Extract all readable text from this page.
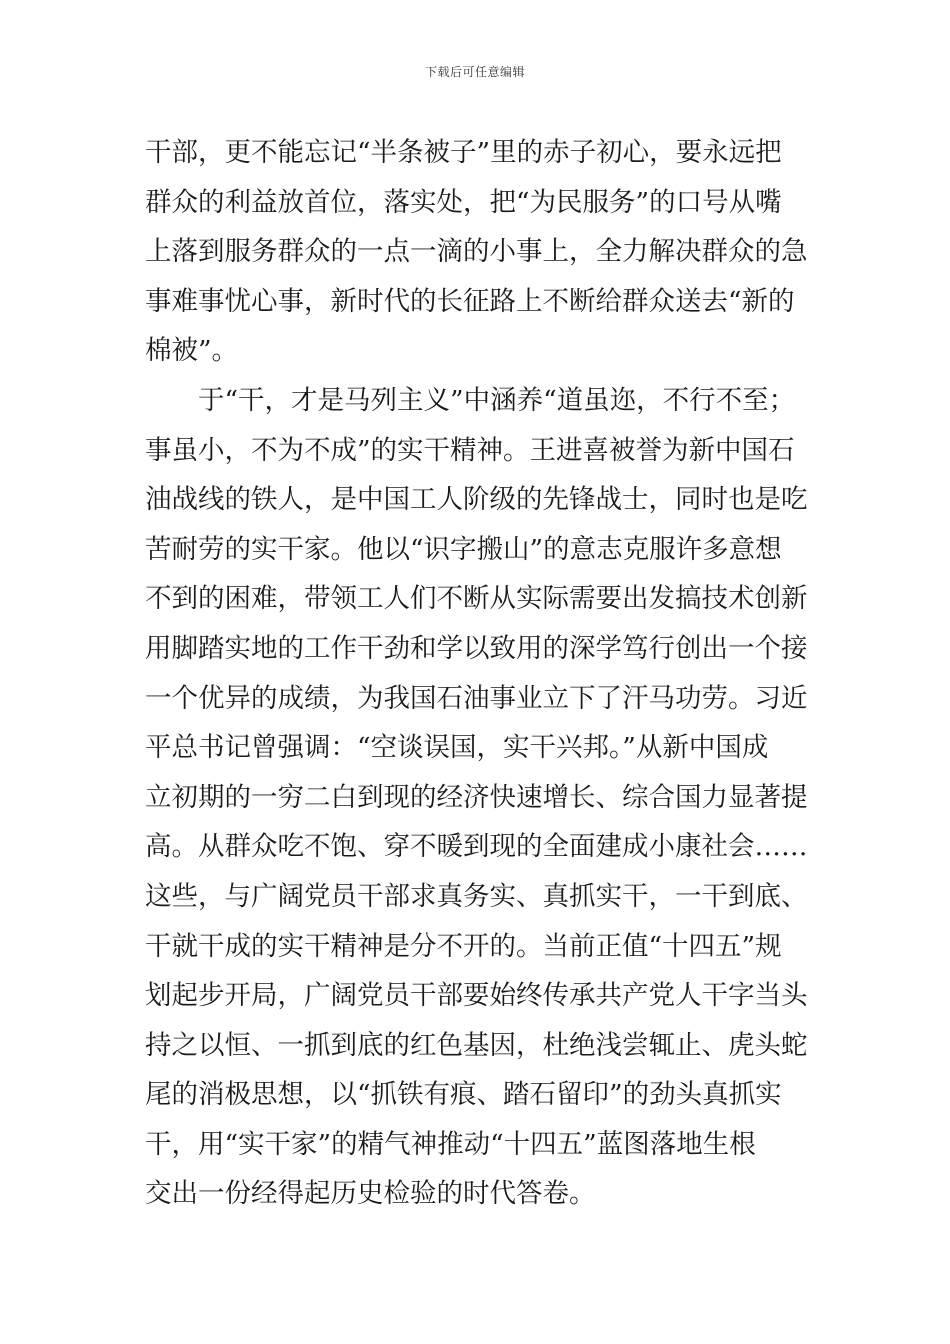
下载后可任意编辑
干部，更不能忘记“半条被子”里的赤子初心，要永远把
群众的利益放首位，落实处，把“为民服务”的口号从嘴
上落到服务群众的一点一滴的小事上，全力解决群众的急
事难事忧心事，新时代的长征路上不断给群众送去“新的
棉被”。
于“干，才是马列主义”中涵养“道虽迩，不行不至；
事虽小，不为不成”的实干精神。王进喜被誉为新中国石
油战线的铁人，是中国工人阶级的先锋战士，同时也是吃
苦耐劳的实干家。他以“识字搬山”的意志克服许多意想
不到的困难，带领工人们不断从实际需要出发搞技术创新
用脚踏实地的工作干劲和学以致用的深学笃行创出一个接
一个优异的成绩，为我国石油事业立下了汗马功劳。习近
平总书记曾强调：“空谈误国，实干兴邦。”从新中国成
立初期的一穷二白到现的经济快速增长、综合国力显著提
高。从群众吃不饱、穿不暖到现的全面建成小康社会……
这些，与广阔党员干部求真务实、真抓实干，一干到底、
干就干成的实干精神是分不开的。当前正值“十四五”规
划起步开局，广阔党员干部要始终传承共产党人干字当头
持之以恒、一抓到底的红色基因，杜绝浅尝辄止、虎头蛇
尾的消极思想，以“抓铁有痕、踏石留印”的劲头真抓实
干，用“实干家”的精气神推动“十四五”蓝图落地生根
交出一份经得起历史检验的时代答卷。
